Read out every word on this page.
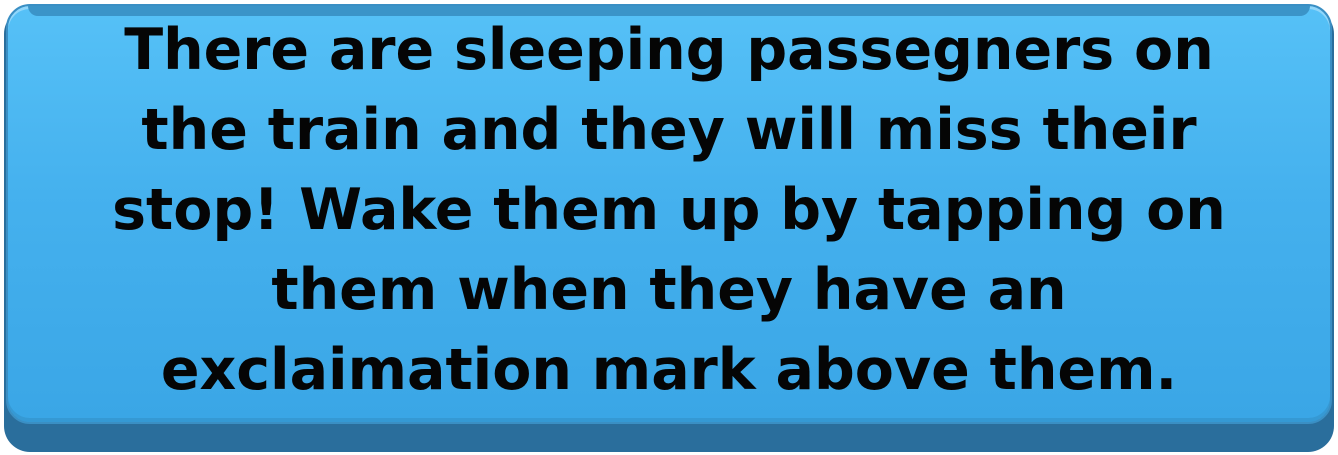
There are sleeping passegners on the train and they will miss their stop! Wake them up by tapping on them when they have an exclaimation mark above them.
